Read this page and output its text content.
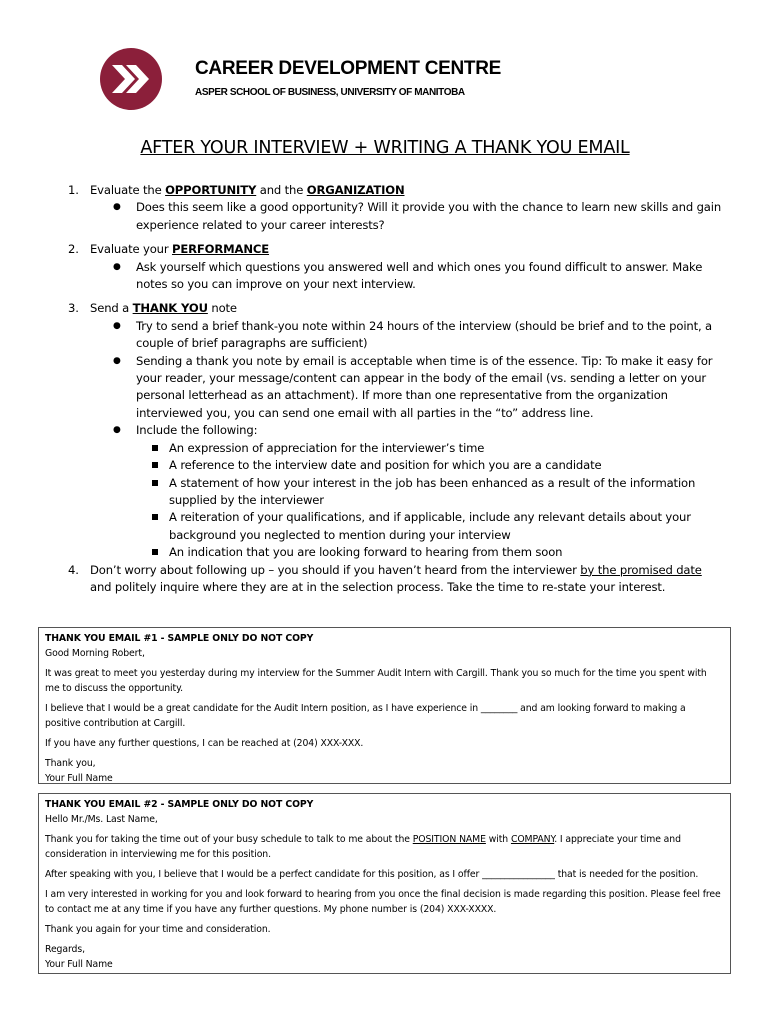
CAREER DEVELOPMENT CENTRE
ASPER SCHOOL OF BUSINESS, UNIVERSITY OF MANITOBA
AFTER YOUR INTERVIEW + WRITING A THANK YOU EMAIL
1. Evaluate the OPPORTUNITY and the ORGANIZATION
● Does this seem like a good opportunity? Will it provide you with the chance to learn new skills and gain experience related to your career interests?
2. Evaluate your PERFORMANCE
● Ask yourself which questions you answered well and which ones you found difficult to answer. Make notes so you can improve on your next interview.
3. Send a THANK YOU note
● Try to send a brief thank-you note within 24 hours of the interview (should be brief and to the point, a couple of brief paragraphs are sufficient)
● Sending a thank you note by email is acceptable when time is of the essence. Tip: To make it easy for your reader, your message/content can appear in the body of the email (vs. sending a letter on your personal letterhead as an attachment). If more than one representative from the organization interviewed you, you can send one email with all parties in the “to” address line.
● Include the following:
An expression of appreciation for the interviewer’s time
A reference to the interview date and position for which you are a candidate
A statement of how your interest in the job has been enhanced as a result of the information supplied by the interviewer
A reiteration of your qualifications, and if applicable, include any relevant details about your background you neglected to mention during your interview
An indication that you are looking forward to hearing from them soon
4. Don’t worry about following up – you should if you haven’t heard from the interviewer by the promised date and politely inquire where they are at in the selection process. Take the time to re-state your interest.
THANK YOU EMAIL #1 - SAMPLE ONLY DO NOT COPY

Good Morning Robert,

It was great to meet you yesterday during my interview for the Summer Audit Intern with Cargill. Thank you so much for the time you spent with me to discuss the opportunity.

I believe that I would be a great candidate for the Audit Intern position, as I have experience in ________ and am looking forward to making a positive contribution at Cargill.

If you have any further questions, I can be reached at (204) XXX-XXX.

Thank you,

Your Full Name

THANK YOU EMAIL #2 - SAMPLE ONLY DO NOT COPY

Hello Mr./Ms. Last Name,

Thank you for taking the time out of your busy schedule to talk to me about the POSITION NAME with COMPANY. I appreciate your time and consideration in interviewing me for this position.

After speaking with you, I believe that I would be a perfect candidate for this position, as I offer ________________ that is needed for the position.

I am very interested in working for you and look forward to hearing from you once the final decision is made regarding this position. Please feel free to contact me at any time if you have any further questions. My phone number is (204) XXX-XXXX.

Thank you again for your time and consideration.

Regards,

Your Full Name
